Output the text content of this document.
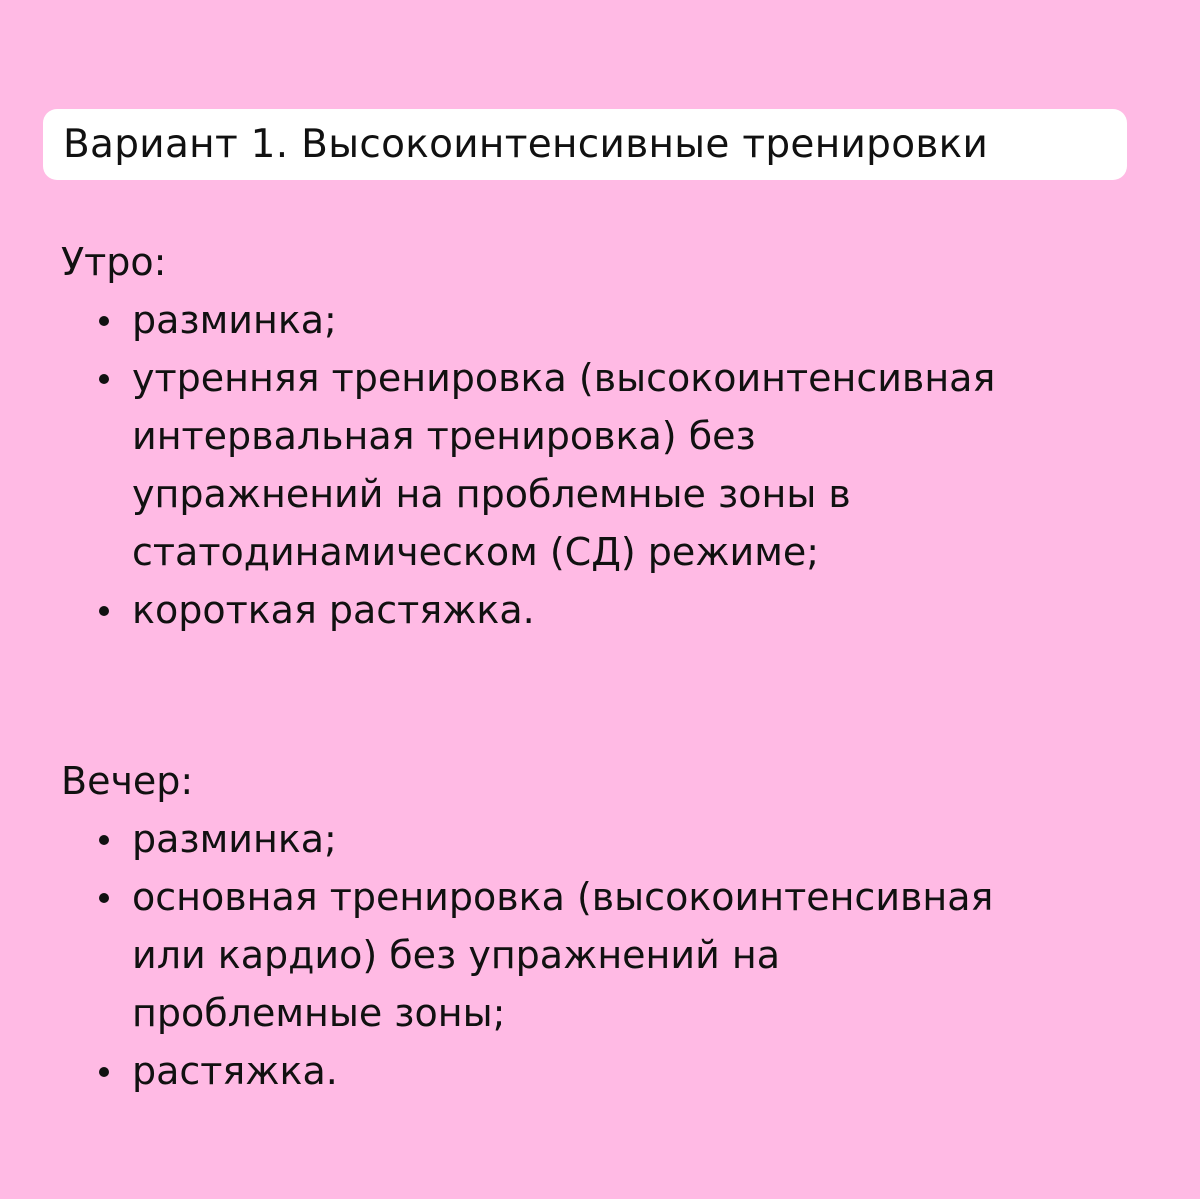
Вариант 1. Высокоинтенсивные тренировки
Утро:
разминка;
утренняя тренировка (высокоинтенсивная интервальная тренировка) без упражнений на проблемные зоны в статодинамическом (СД) режиме;
короткая растяжка.
Вечер:
разминка;
основная тренировка (высокоинтенсивная или кардио) без упражнений на проблемные зоны;
растяжка.
